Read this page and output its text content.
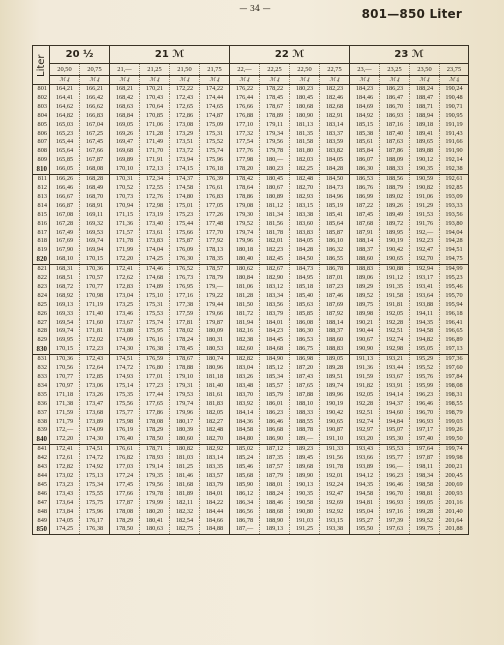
— 34 —	801—850 Liter
Liter	20 ½		21 ℳ				22 ℳ				23 ℳ			
	20,50	20,75	21,—	21,25	21,50	21,75	22,—	22,25	22,50	22,75	23,—	23,25	23,50	23,75
	ℳ ₰	ℳ ₰	ℳ ₰	ℳ ₰	ℳ ₰	ℳ ₰	ℳ ₰	ℳ ₰	ℳ ₰	ℳ ₰	ℳ ₰	ℳ ₰	ℳ ₰	ℳ ₰
801	164,21	166,21	168,21	170,21	172,22	174,22	176,22	178,22	180,23	182,23	184,23	186,23	188,24	190,24
802	164,41	166,42	168,42	170,43	172,43	174,44	176,44	178,45	180,45	182,46	184,46	186,47	188,47	190,48
803	164,62	166,62	168,63	170,64	172,65	174,65	176,66	178,67	180,68	182,68	184,69	186,70	188,71	190,71
804	164,82	166,83	168,84	170,85	172,86	174,87	176,88	178,89	180,90	182,91	184,92	186,93	188,94	190,95
805	165,03	167,04	169,05	171,06	173,08	175,09	177,10	179,11	181,13	183,14	185,15	187,16	189,18	191,19
806	165,23	167,25	169,26	171,28	173,29	175,31	177,32	179,34	181,35	183,37	185,38	187,40	189,41	191,43
807	165,44	167,45	169,47	171,49	173,51	175,52	177,54	179,56	181,58	183,59	185,61	187,63	189,65	191,66
808	165,64	167,66	169,68	171,70	173,72	175,74	177,76	179,78	181,80	183,82	185,84	187,86	189,88	191,90
809	165,85	167,87	169,89	171,91	173,94	175,96	177,98	180,—	182,03	184,05	186,07	188,09	190,12	192,14
810	166,05	168,08	170,10	172,13	174,15	176,18	178,20	180,23	182,25	184,28	186,30	188,33	190,35	192,38
811	166,26	168,28	170,31	172,34	174,37	176,39	178,42	180,45	182,48	184,50	186,53	188,56	190,59	192,61
812	166,46	168,49	170,52	172,55	174,58	176,61	178,64	180,67	182,70	184,73	186,76	188,79	190,82	192,85
813	166,67	168,70	170,73	172,76	174,80	176,83	178,86	180,89	182,93	184,96	186,99	189,02	191,06	193,09
814	166,87	168,91	170,94	172,98	175,01	177,05	179,08	181,12	183,15	185,19	187,22	189,26	191,29	193,33
815	167,08	169,11	171,15	173,19	175,23	177,26	179,30	181,34	183,38	185,41	187,45	189,49	191,53	193,56
816	167,28	169,32	171,36	173,40	175,44	177,48	179,52	181,56	183,60	185,64	187,68	189,72	191,76	193,80
817	167,49	169,53	171,57	173,61	175,66	177,70	179,74	181,78	183,83	185,87	187,91	189,95	192,—	194,04
818	167,69	169,74	171,78	173,83	175,87	177,92	179,96	182,01	184,05	186,10	188,14	190,19	192,23	194,28
819	167,90	169,94	171,99	174,04	176,09	178,13	180,18	182,23	184,28	186,32	188,37	190,42	192,47	194,51
820	168,10	170,15	172,20	174,25	176,30	178,35	180,40	182,45	184,50	186,55	188,60	190,65	192,70	194,75
821	168,31	170,36	172,41	174,46	176,52	178,57	180,62	182,67	184,73	186,78	188,83	190,88	192,94	194,99
822	168,51	170,57	172,62	174,68	176,73	178,79	180,84	182,90	184,95	187,01	189,06	191,12	193,17	195,23
823	168,72	170,77	172,83	174,89	176,95	179,—	181,06	183,12	185,18	187,23	189,29	191,35	193,41	195,46
824	168,92	170,98	173,04	175,10	177,16	179,22	181,28	183,34	185,40	187,46	189,52	191,58	193,64	195,70
825	169,13	171,19	173,25	175,31	177,38	179,44	181,50	183,56	185,63	187,69	189,75	191,81	193,88	195,94
826	169,33	171,40	173,46	175,53	177,59	179,66	181,72	183,79	185,85	187,92	189,98	192,05	194,11	196,18
827	169,54	171,60	173,67	175,74	177,81	179,87	181,94	184,01	186,08	188,14	190,21	192,28	194,35	196,41
828	169,74	171,81	173,88	175,95	178,02	180,09	182,16	184,23	186,30	188,37	190,44	192,51	194,58	196,65
829	169,95	172,02	174,09	176,16	178,24	180,31	182,38	184,45	186,53	188,60	190,67	192,74	194,82	196,89
830	170,15	172,23	174,30	176,38	178,45	180,53	182,60	184,68	186,75	188,83	190,90	192,98	195,05	197,13
831	170,36	172,43	174,51	176,59	178,67	180,74	182,82	184,90	186,98	189,05	191,13	193,21	195,29	197,36
832	170,56	172,64	174,72	176,80	178,88	180,96	183,04	185,12	187,20	189,28	191,36	193,44	195,52	197,60
833	170,77	172,85	174,93	177,01	179,10	181,18	183,26	185,34	187,43	189,51	191,59	193,67	195,76	197,84
834	170,97	173,06	175,14	177,23	179,31	181,40	183,48	185,57	187,65	189,74	191,82	193,91	195,99	198,08
835	171,18	173,26	175,35	177,44	179,53	181,61	183,70	185,79	187,88	189,96	192,05	194,14	196,23	198,31
836	171,38	173,47	175,56	177,65	179,74	181,83	183,92	186,01	188,10	190,19	192,28	194,37	196,46	198,55
837	171,59	173,68	175,77	177,86	179,96	182,05	184,14	186,23	188,33	190,42	192,51	194,60	196,70	198,79
838	171,79	173,89	175,98	178,08	180,17	182,27	184,36	186,46	188,55	190,65	192,74	194,84	196,93	199,03
839	172,—	174,09	176,19	178,29	180,39	182,48	184,58	186,68	188,78	190,87	192,97	195,07	197,17	199,26
840	172,20	174,30	176,40	178,50	180,60	182,70	184,80	186,90	189,—	191,10	193,20	195,30	197,40	199,50
841	172,41	174,51	176,61	178,71	180,82	182,92	185,02	187,12	189,23	191,33	193,43	195,53	197,64	199,74
842	172,61	174,72	176,82	178,93	181,03	183,14	185,24	187,35	189,45	191,56	193,66	195,77	197,87	199,98
843	172,82	174,92	177,03	179,14	181,25	183,35	185,46	187,57	189,68	191,78	193,89	196,—	198,11	200,21
844	173,02	175,13	177,24	179,35	181,46	183,57	185,68	187,79	189,90	192,01	194,12	196,23	198,34	200,45
845	173,23	175,34	177,45	179,56	181,68	183,79	185,90	188,01	190,13	192,24	194,35	196,46	198,58	200,69
846	173,43	175,55	177,66	179,78	181,89	184,01	186,12	188,24	190,35	192,47	194,58	196,70	198,81	200,93
847	173,64	175,75	177,87	179,99	182,11	184,22	186,34	188,46	190,58	192,69	194,81	196,93	199,05	201,16
848	173,84	175,96	178,08	180,20	182,32	184,44	186,56	188,68	190,80	192,92	195,04	197,16	199,28	201,40
849	174,05	176,17	178,29	180,41	182,54	184,66	186,78	188,90	191,03	193,15	195,27	197,39	199,52	201,64
850	174,25	176,38	178,50	180,63	182,75	184,88	187,—	189,13	191,25	193,38	195,50	197,63	199,75	201,88
